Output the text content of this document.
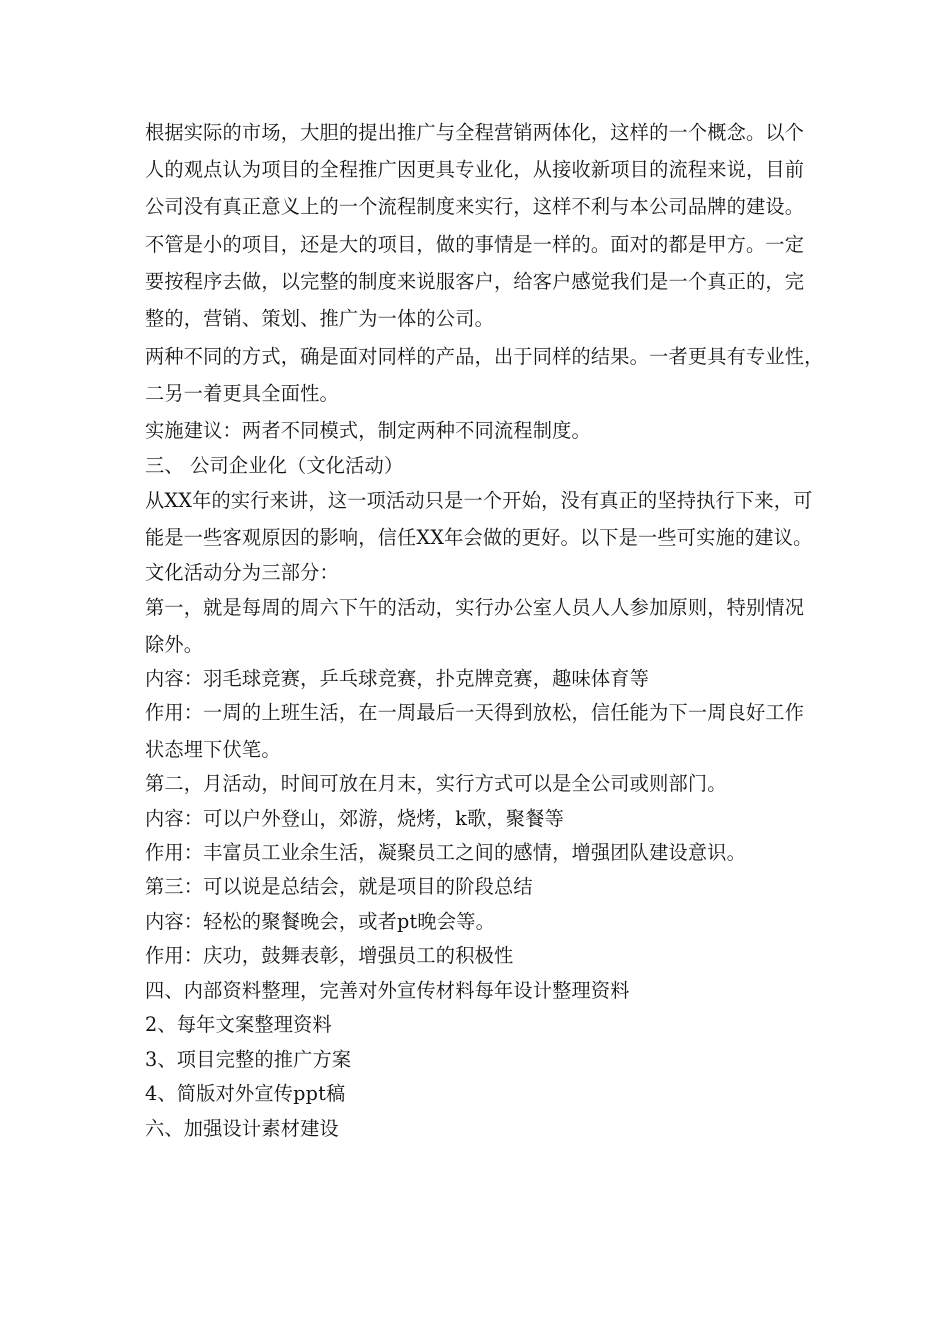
根据实际的市场，大胆的提出推广与全程营销两体化，这样的一个概念。以个
人的观点认为项目的全程推广因更具专业化，从接收新项目的流程来说，目前
公司没有真正意义上的一个流程制度来实行，这样不利与本公司品牌的建设。
不管是小的项目，还是大的项目，做的事情是一样的。面对的都是甲方。一定
要按程序去做，以完整的制度来说服客户，给客户感觉我们是一个真正的，完
整的，营销、策划、推广为一体的公司。
两种不同的方式，确是面对同样的产品，出于同样的结果。一者更具有专业性，
二另一着更具全面性。
实施建议：两者不同模式，制定两种不同流程制度。
三、 公司企业化（文化活动）
从XX年的实行来讲，这一项活动只是一个开始，没有真正的坚持执行下来，可
能是一些客观原因的影响，信任XX年会做的更好。以下是一些可实施的建议。
文化活动分为三部分：
第一，就是每周的周六下午的活动，实行办公室人员人人参加原则，特别情况
除外。
内容：羽毛球竞赛，乒乓球竞赛，扑克牌竞赛，趣味体育等
作用：一周的上班生活，在一周最后一天得到放松，信任能为下一周良好工作
状态埋下伏笔。
第二，月活动，时间可放在月末，实行方式可以是全公司或则部门。
内容：可以户外登山，郊游，烧烤，k歌，聚餐等
作用：丰富员工业余生活，凝聚员工之间的感情，增强团队建设意识。
第三：可以说是总结会，就是项目的阶段总结
内容：轻松的聚餐晚会，或者pt晚会等。
作用：庆功，鼓舞表彰，增强员工的积极性
四、内部资料整理，完善对外宣传材料每年设计整理资料
2、每年文案整理资料
3、项目完整的推广方案
4、简版对外宣传ppt稿
六、加强设计素材建设
